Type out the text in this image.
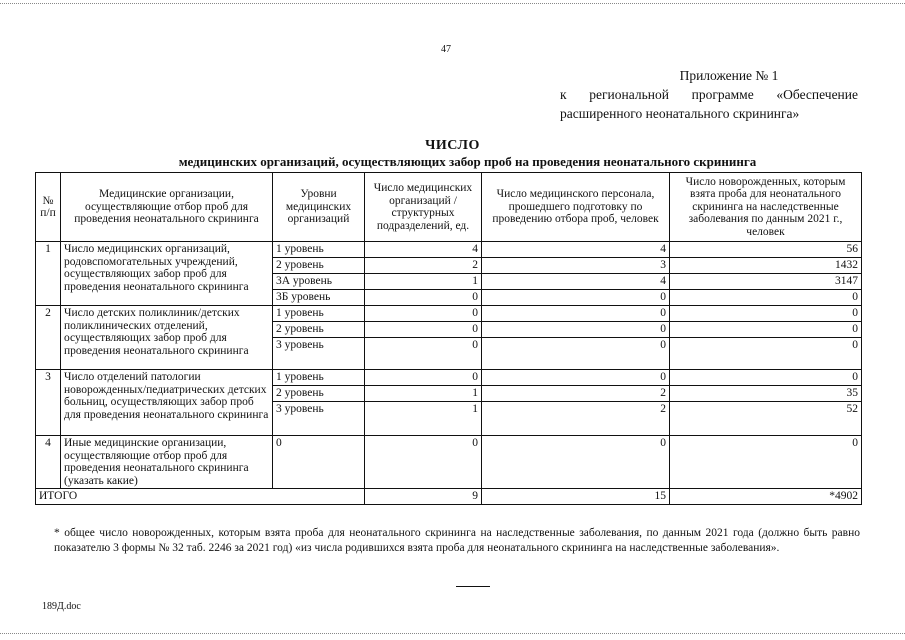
47
Приложение № 1
к региональной программе «Обеспечение
расширенного неонатального скрининга»
ЧИСЛО
медицинских организаций, осуществляющих забор проб на проведения неонатального скрининга
№ п/п	Медицинские организации, осуществляющие отбор проб для проведения неонатального скрининга	Уровни медицинских организаций	Число медицинских организаций / структурных подразделений, ед.	Число медицинского персонала, прошедшего подготовку по проведению отбора проб, человек	Число новорожденных, которым взята проба для неонатального скрининга на наследственные заболевания по данным 2021 г., человек
1	Число медицинских организаций, родовспомогательных учреждений, осуществляющих забор проб для проведения неонатального скрининга	1 уровень	4	4	56
		2 уровень	2	3	1432
		3А уровень	1	4	3147
		3Б уровень	0	0	0
2	Число детских поликлиник/детских поликлинических отделений, осуществляющих забор проб для проведения неонатального скрининга	1 уровень	0	0	0
		2 уровень	0	0	0
		3 уровень	0	0	0
3	Число отделений патологии новорожденных/педиатрических детских больниц, осуществляющих забор проб для проведения неонатального скрининга	1 уровень	0	0	0
		2 уровень	1	2	35
		3 уровень	1	2	52
4	Иные медицинские организации, осуществляющие отбор проб для проведения неонатального скрининга (указать какие)	0	0	0	0
ИТОГО			9	15	*4902
* общее число новорожденных, которым взята проба для неонатального скрининга на наследственные заболевания, по данным 2021 года (должно быть равно показателю 3 формы № 32 таб. 2246 за 2021 год) «из числа родившихся взята проба для неонатального скрининга на наследственные заболевания».
189Д.doc
